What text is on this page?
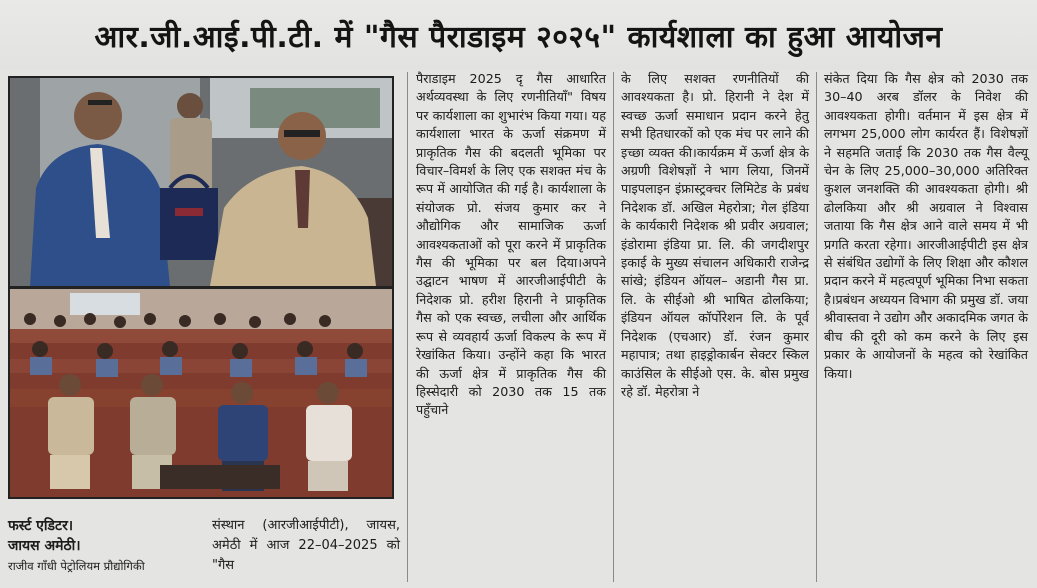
आर.जी.आई.पी.टी. में "गैस पैराडाइम २०२५" कार्यशाला का हुआ आयोजन
फर्स्ट एडिटर।
जायस अमेठी।
राजीव गाँधी पेट्रोलियम प्रौद्योगिकी
संस्थान (आरजीआईपीटी), जायस, अमेठी में आज 22–04–2025 को "गैस
पैराडाइम 2025 दृ गैस आधारित अर्थव्यवस्था के लिए रणनीतियाँ" विषय पर कार्यशाला का शुभारंभ किया गया। यह कार्यशाला भारत के ऊर्जा संक्रमण में प्राकृतिक गैस की बदलती भूमिका पर विचार–विमर्श के लिए एक सशक्त मंच के रूप में आयोजित की गई है। कार्यशाला के संयोजक प्रो. संजय कुमार कर ने औद्योगिक और सामाजिक ऊर्जा आवश्यकताओं को पूरा करने में प्राकृतिक गैस की भूमिका पर बल दिया।अपने उद्घाटन भाषण में आरजीआईपीटी के निदेशक प्रो. हरीश हिरानी ने प्राकृतिक गैस को एक स्वच्छ, लचीला और आर्थिक रूप से व्यवहार्य ऊर्जा विकल्प के रूप में रेखांकित किया। उन्होंने कहा कि भारत की ऊर्जा क्षेत्र में प्राकृतिक गैस की हिस्सेदारी को 2030 तक 15 तक पहुँचाने
के लिए सशक्त रणनीतियों की आवश्यकता है। प्रो. हिरानी ने देश में स्वच्छ ऊर्जा समाधान प्रदान करने हेतु सभी हितधारकों को एक मंच पर लाने की इच्छा व्यक्त की।कार्यक्रम में ऊर्जा क्षेत्र के अग्रणी विशेषज्ञों ने भाग लिया, जिनमें पाइपलाइन इंफ्रास्ट्रक्चर लिमिटेड के प्रबंध निदेशक डॉ. अखिल मेहरोत्रा; गेल इंडिया के कार्यकारी निदेशक श्री प्रवीर अग्रवाल; इंडोरामा इंडिया प्रा. लि. की जगदीशपुर इकाई के मुख्य संचालन अधिकारी राजेन्द्र सांखे; इंडियन ऑयल– अडानी गैस प्रा. लि. के सीईओ श्री भाषित ढोलकिया; इंडियन ऑयल कॉर्पोरेशन लि. के पूर्व निदेशक (एचआर) डॉ. रंजन कुमार महापात्र; तथा हाइड्रोकार्बन सेक्टर स्किल काउंसिल के सीईओ एस. के. बोस प्रमुख रहे डॉ. मेहरोत्रा ने
संकेत दिया कि गैस क्षेत्र को 2030 तक 30–40 अरब डॉलर के निवेश की आवश्यकता होगी। वर्तमान में इस क्षेत्र में लगभग 25,000 लोग कार्यरत हैं। विशेषज्ञों ने सहमति जताई कि 2030 तक गैस वैल्यू चेन के लिए 25,000–30,000 अतिरिक्त कुशल जनशक्ति की आवश्यकता होगी। श्री ढोलकिया और श्री अग्रवाल ने विश्वास जताया कि गैस क्षेत्र आने वाले समय में भी प्रगति करता रहेगा। आरजीआईपीटी इस क्षेत्र से संबंधित उद्योगों के लिए शिक्षा और कौशल प्रदान करने में महत्वपूर्ण भूमिका निभा सकता है।प्रबंधन अध्ययन विभाग की प्रमुख डॉ. जया श्रीवास्तवा ने उद्योग और अकादमिक जगत के बीच की दूरी को कम करने के लिए इस प्रकार के आयोजनों के महत्व को रेखांकित किया।
